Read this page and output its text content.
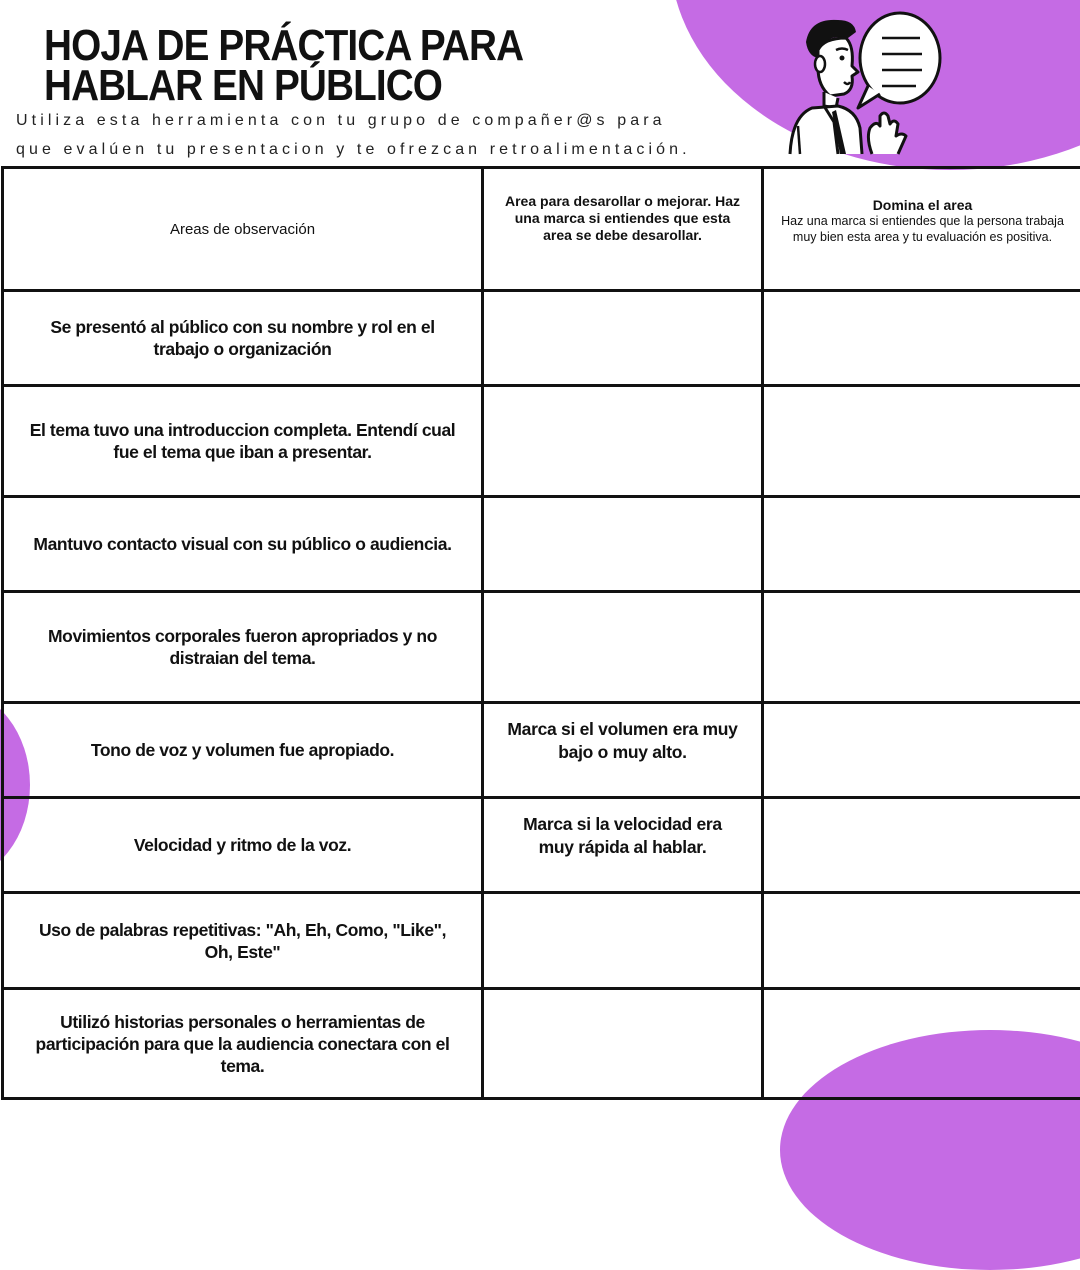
HOJA DE PRÁCTICA PARA
HABLAR EN PÚBLICO
Utiliza esta herramienta con tu grupo de compañer@s para
que evalúen tu presentacion y te ofrezcan retroalimentación.
Areas de observación	Area para desarollar o mejorar. Haz una marca si entiendes que esta area se debe desarollar.	Domina el area
Haz una marca si entiendes que la persona trabaja muy bien esta area y tu evaluación es positiva.

Se presentó al público con su nombre y rol en el trabajo o organización		
El tema tuvo una introduccion completa. Entendí cual fue el tema que iban a presentar.		
Mantuvo contacto visual con su público o audiencia.		
Movimientos corporales fueron apropriados y no distraian del tema.		
Tono de voz y volumen fue apropiado.	Marca si el volumen era muy bajo o muy alto.	
Velocidad y ritmo de la voz.	Marca si la velocidad era muy rápida al hablar.	
Uso de palabras repetitivas: "Ah, Eh, Como, "Like", Oh, Este"		
Utilizó historias personales o herramientas de participación para que la audiencia conectara con el tema.		
